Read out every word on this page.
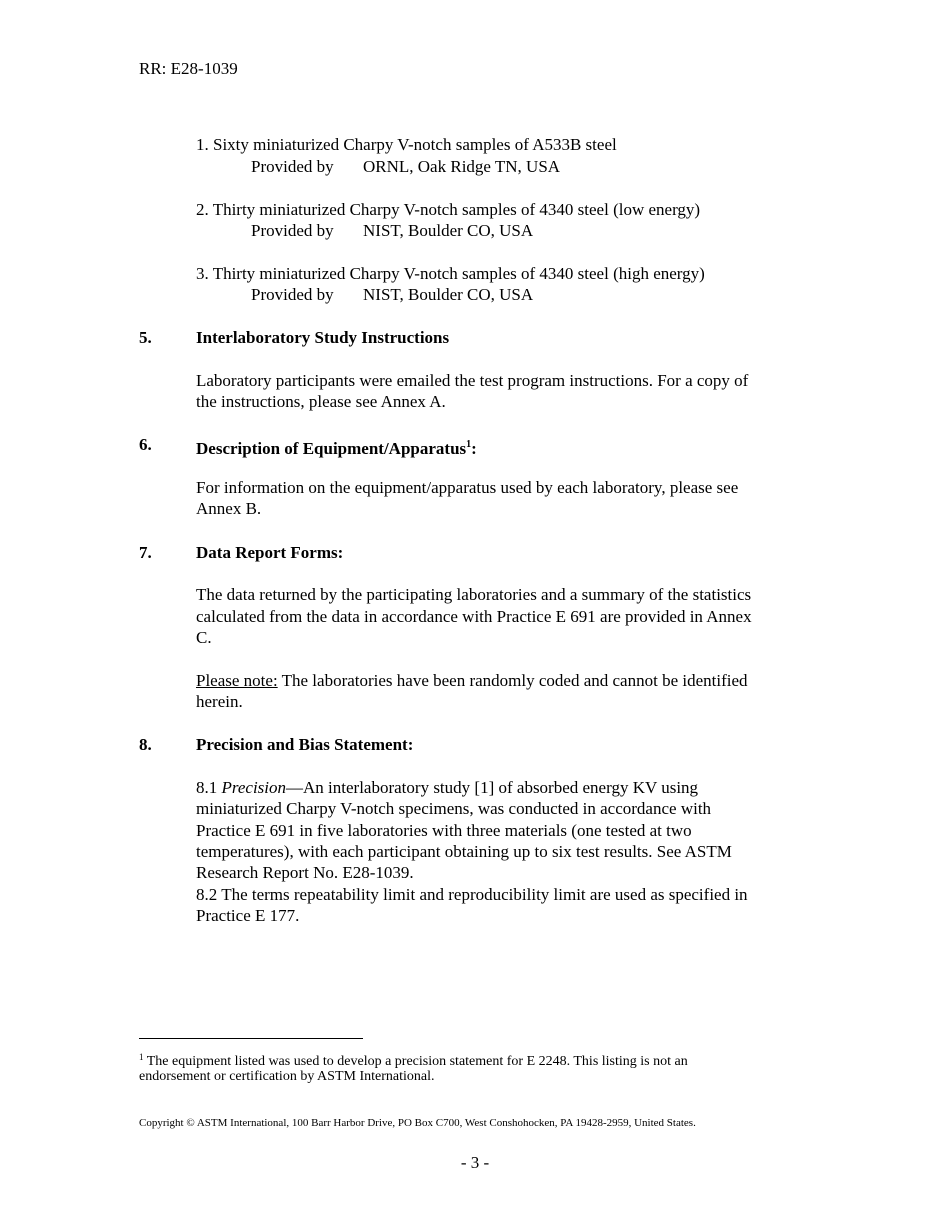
RR: E28-1039
1. Sixty miniaturized Charpy V-notch samples of A533B steel
Provided by ORNL, Oak Ridge TN, USA
2. Thirty miniaturized Charpy V-notch samples of 4340 steel (low energy)
Provided by NIST, Boulder CO, USA
3. Thirty miniaturized Charpy V-notch samples of 4340 steel (high energy)
Provided by NIST, Boulder CO, USA
5.	Interlaboratory Study Instructions
Laboratory participants were emailed the test program instructions. For a copy of
the instructions, please see Annex A.
6.	Description of Equipment/Apparatus$^1$:
For information on the equipment/apparatus used by each laboratory, please see
Annex B.
7.	Data Report Forms:
The data returned by the participating laboratories and a summary of the statistics
calculated from the data in accordance with Practice E 691 are provided in Annex
C.
Please note: The laboratories have been randomly coded and cannot be identified
herein.
8.	Precision and Bias Statement:
8.1 Precision—An interlaboratory study [1] of absorbed energy KV using
miniaturized Charpy V-notch specimens, was conducted in accordance with
Practice E 691 in five laboratories with three materials (one tested at two
temperatures), with each participant obtaining up to six test results. See ASTM
Research Report No. E28-1039.
8.2 The terms repeatability limit and reproducibility limit are used as specified in
Practice E 177.
$^1$ The equipment listed was used to develop a precision statement for E 2248. This listing is not an
endorsement or certification by ASTM International.
Copyright © ASTM International, 100 Barr Harbor Drive, PO Box C700, West Conshohocken, PA 19428-2959, United States.
- 3 -
